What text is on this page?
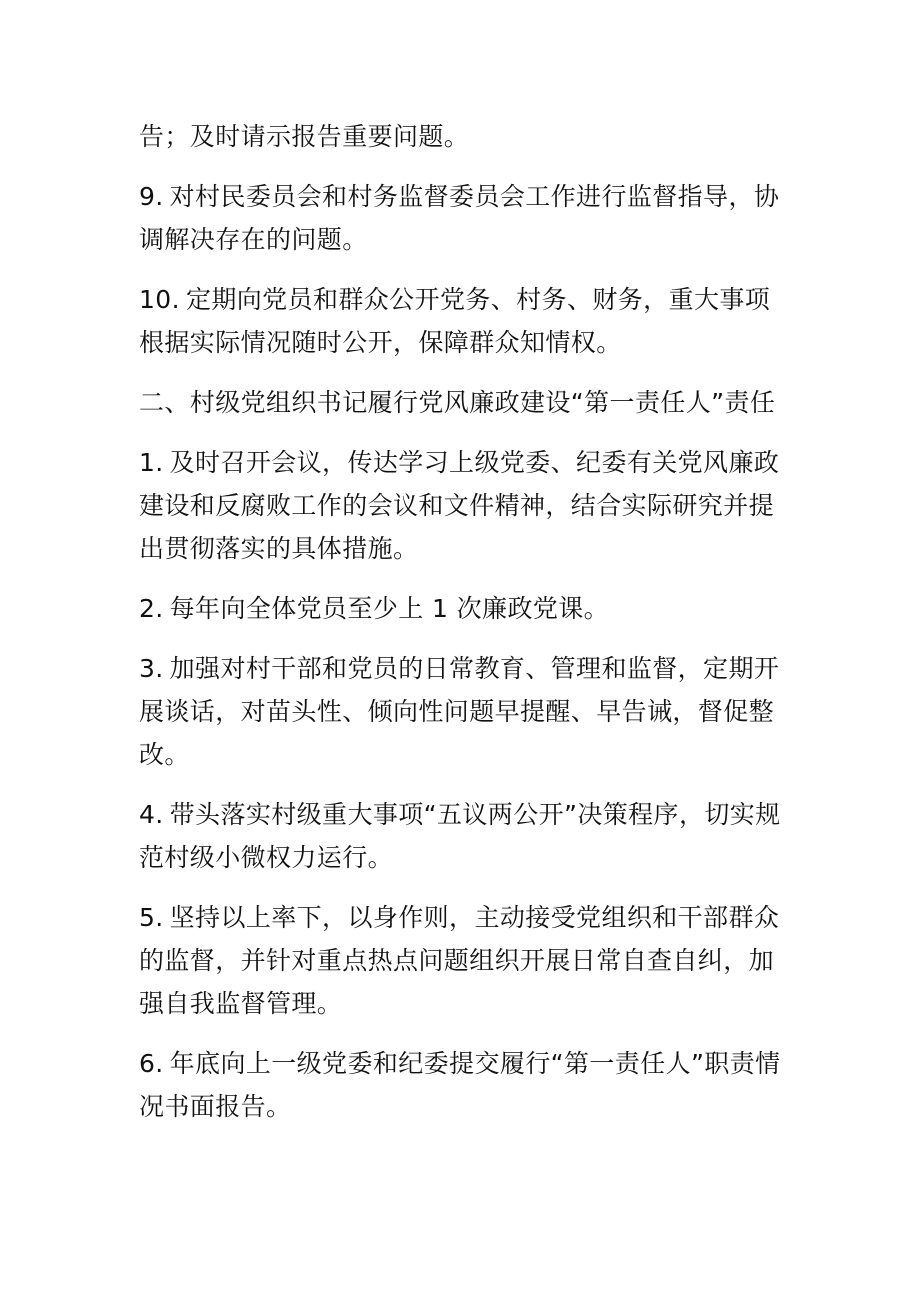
告；及时请示报告重要问题。

9. 对村民委员会和村务监督委员会工作进行监督指导，协调解决存在的问题。

10. 定期向党员和群众公开党务、村务、财务，重大事项根据实际情况随时公开，保障群众知情权。

二、村级党组织书记履行党风廉政建设“第一责任人”责任

1. 及时召开会议，传达学习上级党委、纪委有关党风廉政建设和反腐败工作的会议和文件精神，结合实际研究并提出贯彻落实的具体措施。

2. 每年向全体党员至少上 1 次廉政党课。

3. 加强对村干部和党员的日常教育、管理和监督，定期开展谈话，对苗头性、倾向性问题早提醒、早告诫，督促整改。

4. 带头落实村级重大事项“五议两公开”决策程序，切实规范村级小微权力运行。

5. 坚持以上率下，以身作则，主动接受党组织和干部群众的监督，并针对重点热点问题组织开展日常自查自纠，加强自我监督管理。

6. 年底向上一级党委和纪委提交履行“第一责任人”职责情况书面报告。
